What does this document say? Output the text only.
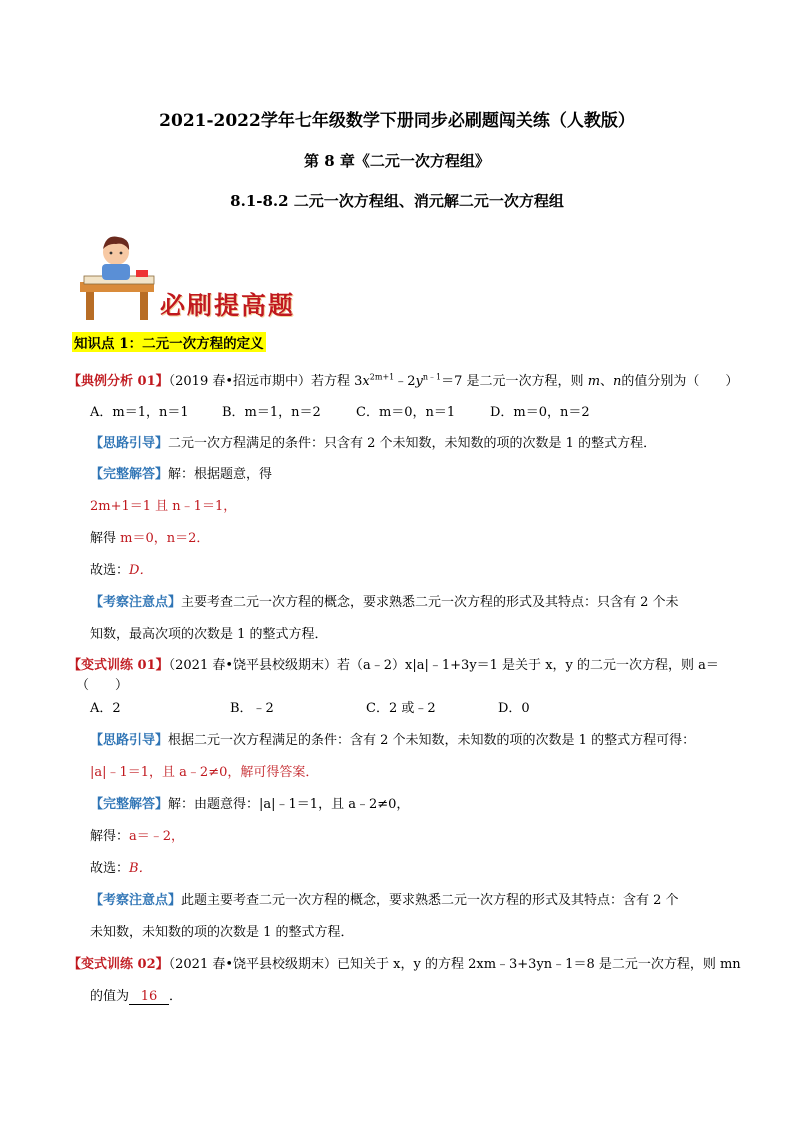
2021-2022学年七年级数学下册同步必刷题闯关练（人教版）
第 8 章《二元一次方程组》
8.1-8.2 二元一次方程组、消元解二元一次方程组
必刷提高题
知识点 1：二元一次方程的定义
【典例分析 01】（2019 春•招远市期中）若方程 $3x^{2m+1}﹣2y^{n﹣1}=7$ 是二元一次方程，则 m、n的值分别为（　　）
A．m＝1，n＝1	B．m＝1，n＝2	C．m＝0，n＝1	D．m＝0，n＝2
【思路引导】二元一次方程满足的条件：只含有 2 个未知数，未知数的项的次数是 1 的整式方程．
【完整解答】解：根据题意，得
2m+1＝1 且 n﹣1＝1，
解得 m＝0，n＝2．
故选：D．
【考察注意点】主要考查二元一次方程的概念，要求熟悉二元一次方程的形式及其特点：只含有 2 个未
知数，最高次项的次数是 1 的整式方程．
【变式训练 01】（2021 春•饶平县校级期末）若（a﹣2）x|a|﹣1+3y＝1 是关于 x，y 的二元一次方程，则 a＝
（　　）
A．2	B．﹣2	C．2 或﹣2	D．0
【思路引导】根据二元一次方程满足的条件：含有 2 个未知数，未知数的项的次数是 1 的整式方程可得：
|a|﹣1＝1，且 a﹣2≠0，解可得答案．
【完整解答】解：由题意得：|a|﹣1＝1，且 a﹣2≠0，
解得：a＝﹣2，
故选：B．
【考察注意点】此题主要考查二元一次方程的概念，要求熟悉二元一次方程的形式及其特点：含有 2 个
未知数，未知数的项的次数是 1 的整式方程．
【变式训练 02】（2021 春•饶平县校级期末）已知关于 x，y 的方程 2xm﹣3+3yn﹣1＝8 是二元一次方程，则 mn
的值为 16 ．
